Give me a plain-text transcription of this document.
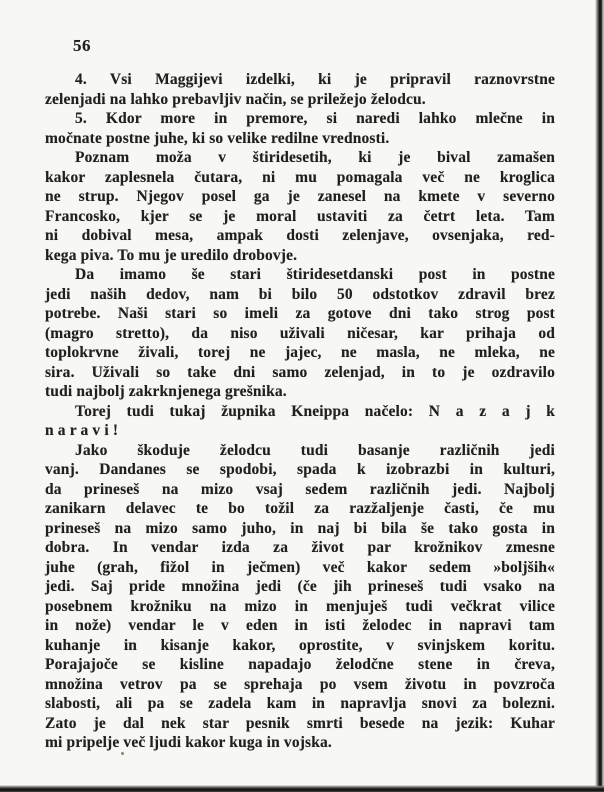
56

4. Vsi Maggijevi izdelki, ki je pripravil raznovrstne
zelenjadi na lahko prebavljiv način, se priležejo želodcu.

5. Kdor more in premore, si naredi lahko mlečne in
močnate postne juhe, ki so velike redilne vrednosti.

Poznam moža v štiridesetih, ki je bival zamašen
kakor zaplesnela čutara, ni mu pomagala več ne kroglica
ne strup. Njegov posel ga je zanesel na kmete v severno
Francosko, kjer se je moral ustaviti za četrt leta. Tam
ni dobival mesa, ampak dosti zelenjave, ovsenjaka, red-
kega piva. To mu je uredilo drobovje.

Da imamo še stari štiridesetdanski post in postne
jedi naših dedov, nam bi bilo 50 odstotkov zdravil brez
potrebe. Naši stari so imeli za gotove dni tako strog post
(magro stretto), da niso uživali ničesar, kar prihaja od
toplokrvne živali, torej ne jajec, ne masla, ne mleka, ne
sira. Uživali so take dni samo zelenjad, in to je ozdravilo
tudi najbolj zakrknjenega grešnika.

Torej tudi tukaj župnika Kneippa načelo: N a z a j k
n a r a v i !

Jako škoduje želodcu tudi basanje različnih jedi
vanj. Dandanes se spodobi, spada k izobrazbi in kulturi,
da prineseš na mizo vsaj sedem različnih jedi. Najbolj
zanikarn delavec te bo tožil za razžaljenje časti, če mu
prineseš na mizo samo juho, in naj bi bila še tako gosta in
dobra. In vendar izda za život par krožnikov zmesne
juhe (grah, fižol in ječmen) več kakor sedem »boljših«
jedi. Saj pride množina jedi (če jih prineseš tudi vsako na
posebnem krožniku na mizo in menjuješ tudi večkrat vilice
in nože) vendar le v eden in isti želodec in napravi tam
kuhanje in kisanje kakor, oprostite, v svinjskem koritu.
Porajajoče se kisline napadajo želodčne stene in čreva,
množina vetrov pa se sprehaja po vsem životu in povzroča
slabosti, ali pa se zadela kam in napravlja snovi za bolezni.
Zato je dal nek star pesnik smrti besede na jezik: Kuhar
mi pripelje več ljudi kakor kuga in vojska.
